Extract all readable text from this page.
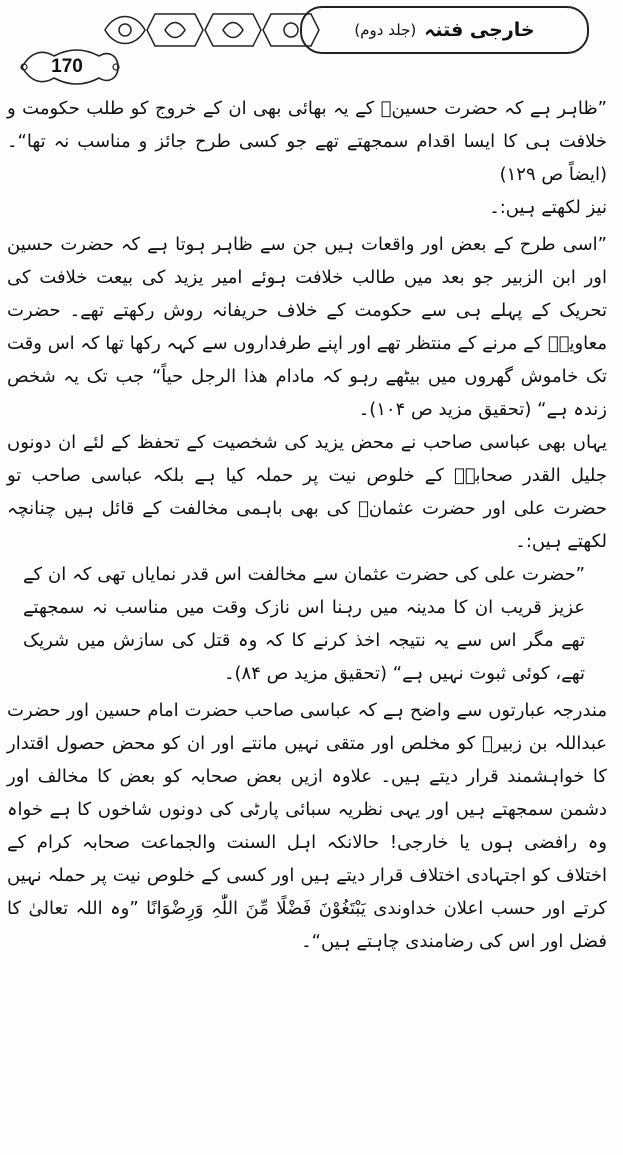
170
خارجی فتنہ
(جلد دوم)

”ظاہر ہے کہ حضرت حسینؓ کے یہ بھائی بھی ان کے خروج کو طلب حکومت و خلافت ہی کا ایسا اقدام سمجھتے تھے جو کسی طرح جائز و مناسب نہ تھا“۔ (ایضاً ص ۱۲۹)

نیز لکھتے ہیں:۔

”اسی طرح کے بعض اور واقعات ہیں جن سے ظاہر ہوتا ہے کہ حضرت حسین اور ابن الزبیر جو بعد میں طالب خلافت ہوئے امیر یزید کی بیعت خلافت کی تحریک کے پہلے ہی سے حکومت کے خلاف حریفانہ روش رکھتے تھے۔ حضرت معاویہؓ کے مرنے کے منتظر تھے اور اپنے طرفداروں سے کہہ رکھا تھا کہ اس وقت تک خاموش گھروں میں بیٹھے رہو کہ مادام ھذا الرجل حیاً“ جب تک یہ شخص زندہ ہے“ (تحقیق مزید ص ۱۰۴)۔

یہاں بھی عباسی صاحب نے محض یزید کی شخصیت کے تحفظ کے لئے ان دونوں جلیل القدر صحابہؓ کے خلوص نیت پر حملہ کیا ہے بلکہ عباسی صاحب تو حضرت علی اور حضرت عثمانؓ کی بھی باہمی مخالفت کے قائل ہیں چنانچہ لکھتے ہیں:۔

”حضرت علی کی حضرت عثمان سے مخالفت اس قدر نمایاں تھی کہ ان کے عزیز قریب ان کا مدینہ میں رہنا اس نازک وقت میں مناسب نہ سمجھتے تھے مگر اس سے یہ نتیجہ اخذ کرنے کا کہ وہ قتل کی سازش میں شریک تھے، کوئی ثبوت نہیں ہے“ (تحقیق مزید ص ۸۴)۔

مندرجہ عبارتوں سے واضح ہے کہ عباسی صاحب حضرت امام حسین اور حضرت عبداللہ بن زبیرؓ کو مخلص اور متقی نہیں مانتے اور ان کو محض حصول اقتدار کا خواہشمند قرار دیتے ہیں۔ علاوہ ازیں بعض صحابہ کو بعض کا مخالف اور دشمن سمجھتے ہیں اور یہی نظریہ سبائی پارٹی کی دونوں شاخوں کا ہے خواہ وہ رافضی ہوں یا خارجی! حالانکہ اہل السنت والجماعت صحابہ کرام کے اختلاف کو اجتہادی اختلاف قرار دیتے ہیں اور کسی کے خلوص نیت پر حملہ نہیں کرتے اور حسب اعلان خداوندی یَبْتَغُوْنَ فَضْلًا مِّنَ اللّٰہِ وَرِضْوَانًا ”وہ اللہ تعالیٰ کا فضل اور اس کی رضامندی چاہتے ہیں“۔
